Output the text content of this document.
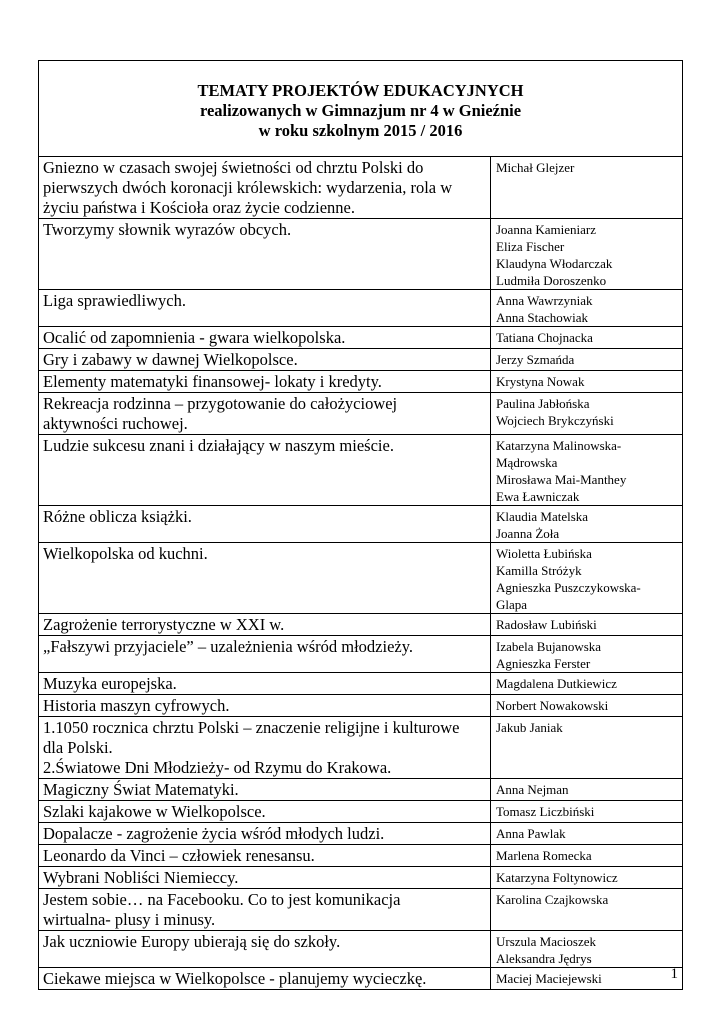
TEMATY PROJEKTÓW EDUKACYJNYCH
realizowanych w Gimnazjum nr 4 w Gnieźnie
w roku szkolnym 2015 / 2016
Gniezno w czasach swojej świetności od chrztu Polski do
pierwszych dwóch koronacji królewskich: wydarzenia, rola w
życiu państwa i Kościoła oraz życie codzienne.	Michał Glejzer

Tworzymy słownik wyrazów obcych.	Joanna Kamieniarz
Eliza Fischer
Klaudyna Włodarczak
Ludmiła Doroszenko

Liga sprawiedliwych.	Anna Wawrzyniak
Anna Stachowiak

Ocalić od zapomnienia - gwara wielkopolska.	Tatiana Chojnacka

Gry i zabawy w dawnej Wielkopolsce.	Jerzy Szmańda

Elementy matematyki finansowej- lokaty i kredyty.	Krystyna Nowak

Rekreacja rodzinna – przygotowanie do całożyciowej
aktywności ruchowej.	Paulina Jabłońska
Wojciech Brykczyński

Ludzie sukcesu znani i działający w naszym mieście.	Katarzyna Malinowska-
Mądrowska
Mirosława Mai-Manthey
Ewa Ławniczak

Różne oblicza książki.	Klaudia Matelska
Joanna Żoła

Wielkopolska od kuchni.	Wioletta Łubińska
Kamilla Stróżyk
Agnieszka Puszczykowska-
Glapa

Zagrożenie terrorystyczne w XXI w.	Radosław Lubiński

„Fałszywi przyjaciele” – uzależnienia wśród młodzieży.	Izabela Bujanowska
Agnieszka Ferster

Muzyka europejska.	Magdalena Dutkiewicz

Historia maszyn cyfrowych.	Norbert Nowakowski

1.1050 rocznica chrztu Polski – znaczenie religijne i kulturowe
dla Polski.
2.Światowe Dni Młodzieży- od Rzymu do Krakowa.	Jakub Janiak

Magiczny Świat Matematyki.	Anna Nejman

Szlaki kajakowe w Wielkopolsce.	Tomasz Liczbiński

Dopalacze - zagrożenie życia wśród młodych ludzi.	Anna Pawlak

Leonardo da Vinci – człowiek renesansu.	Marlena Romecka

Wybrani Nobliści Niemieccy.	Katarzyna Foltynowicz

Jestem sobie… na Facebooku. Co to jest komunikacja
wirtualna- plusy i minusy.	Karolina Czajkowska

Jak uczniowie Europy ubierają się do szkoły.	Urszula Macioszek
Aleksandra Jędrys

Ciekawe miejsca w Wielkopolsce - planujemy wycieczkę.	Maciej Maciejewski	1
